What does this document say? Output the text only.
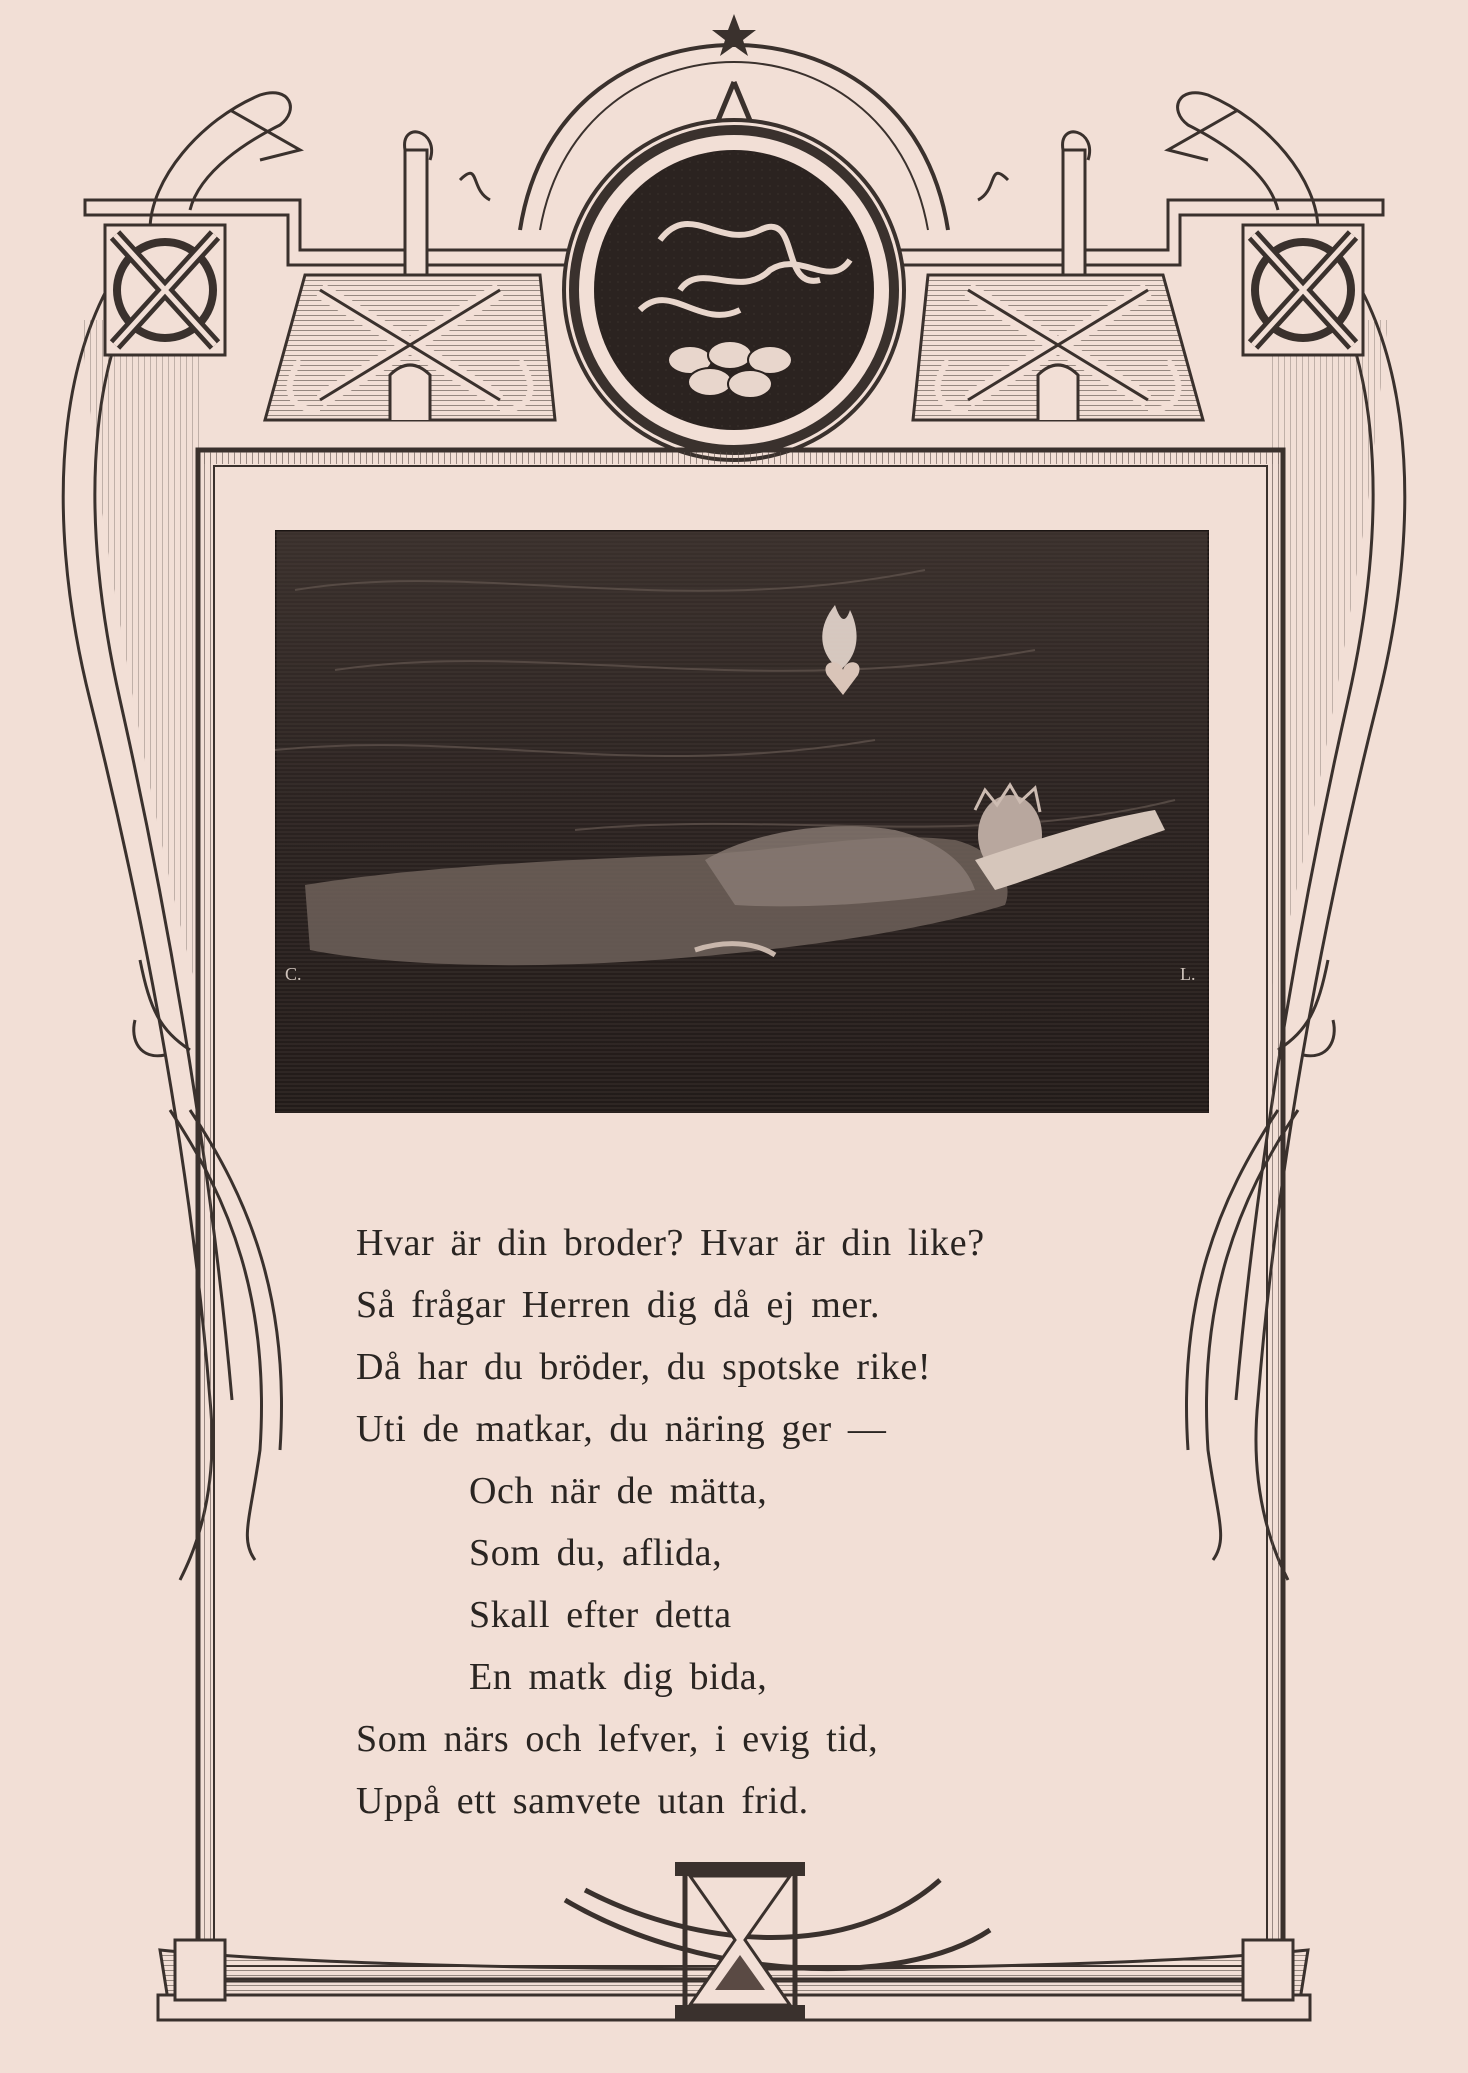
C.	L.
Hvar är din broder? Hvar är din like?
Så frågar Herren dig då ej mer.
Då har du bröder, du spotske rike!
Uti de matkar, du näring ger —
Och när de mätta,
Som du, aflida,
Skall efter detta
En matk dig bida,
Som närs och lefver, i evig tid,
Uppå ett samvete utan frid.
